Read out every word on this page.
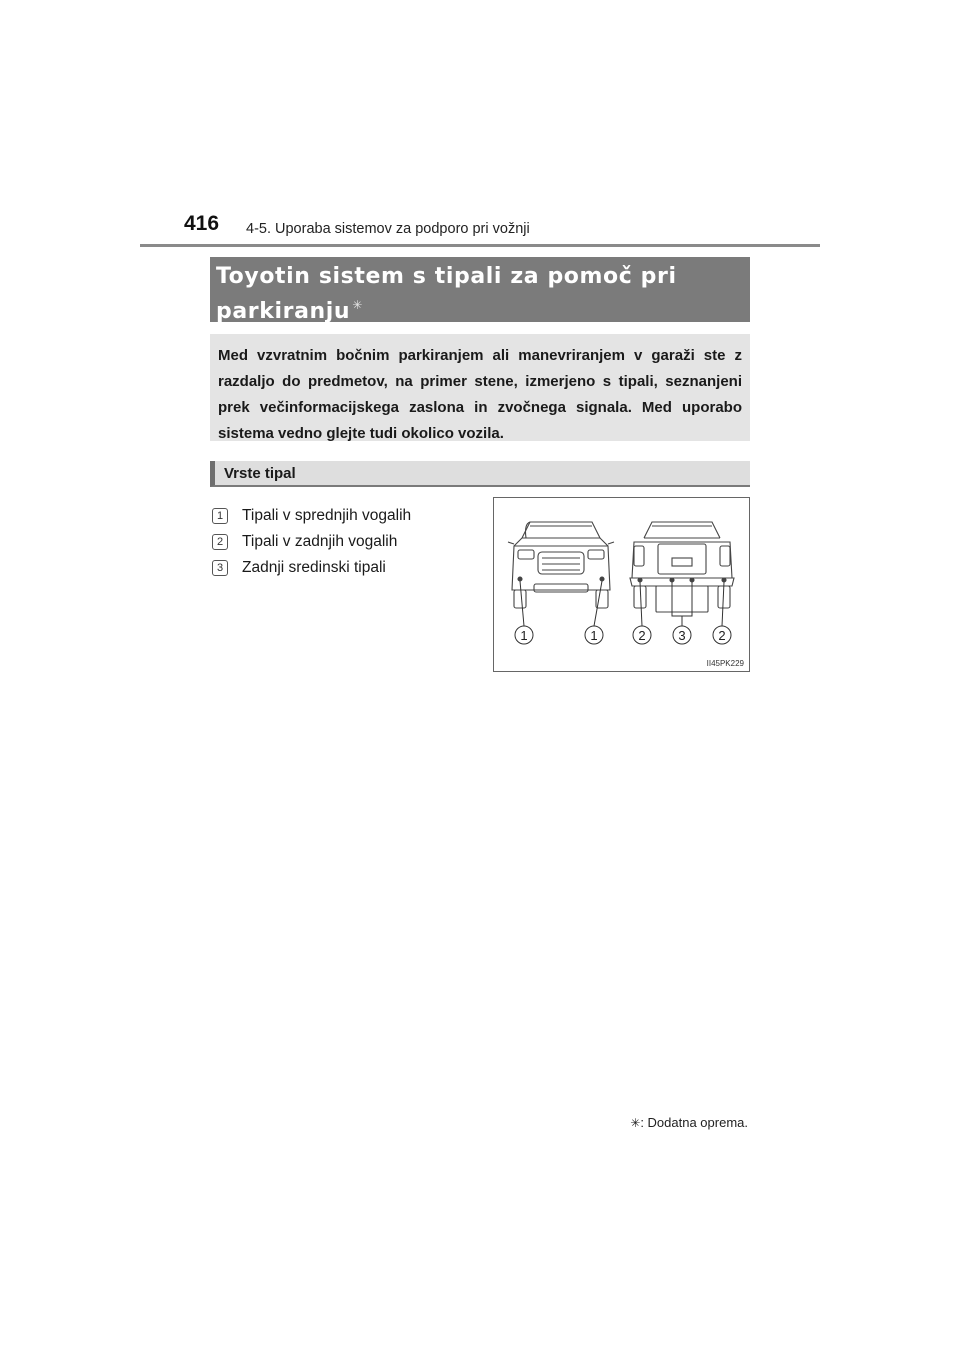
416 4-5. Uporaba sistemov za podporo pri vožnji
Toyotin sistem s tipali za pomoč pri parkiranju ✳
Med vzvratnim bočnim parkiranjem ali manevriranjem v garaži ste z razdaljo do predmetov, na primer stene, izmerjeno s tipali, seznanjeni prek večinformacijskega zaslona in zvočnega signala. Med uporabo sistema vedno glejte tudi okolico vozila.
Vrste tipal
1	Tipali v sprednjih vogalih
2	Tipali v zadnjih vogalih
3	Zadnji sredinski tipali
1	1	2	3	2
II45PK229
✳: Dodatna oprema.
